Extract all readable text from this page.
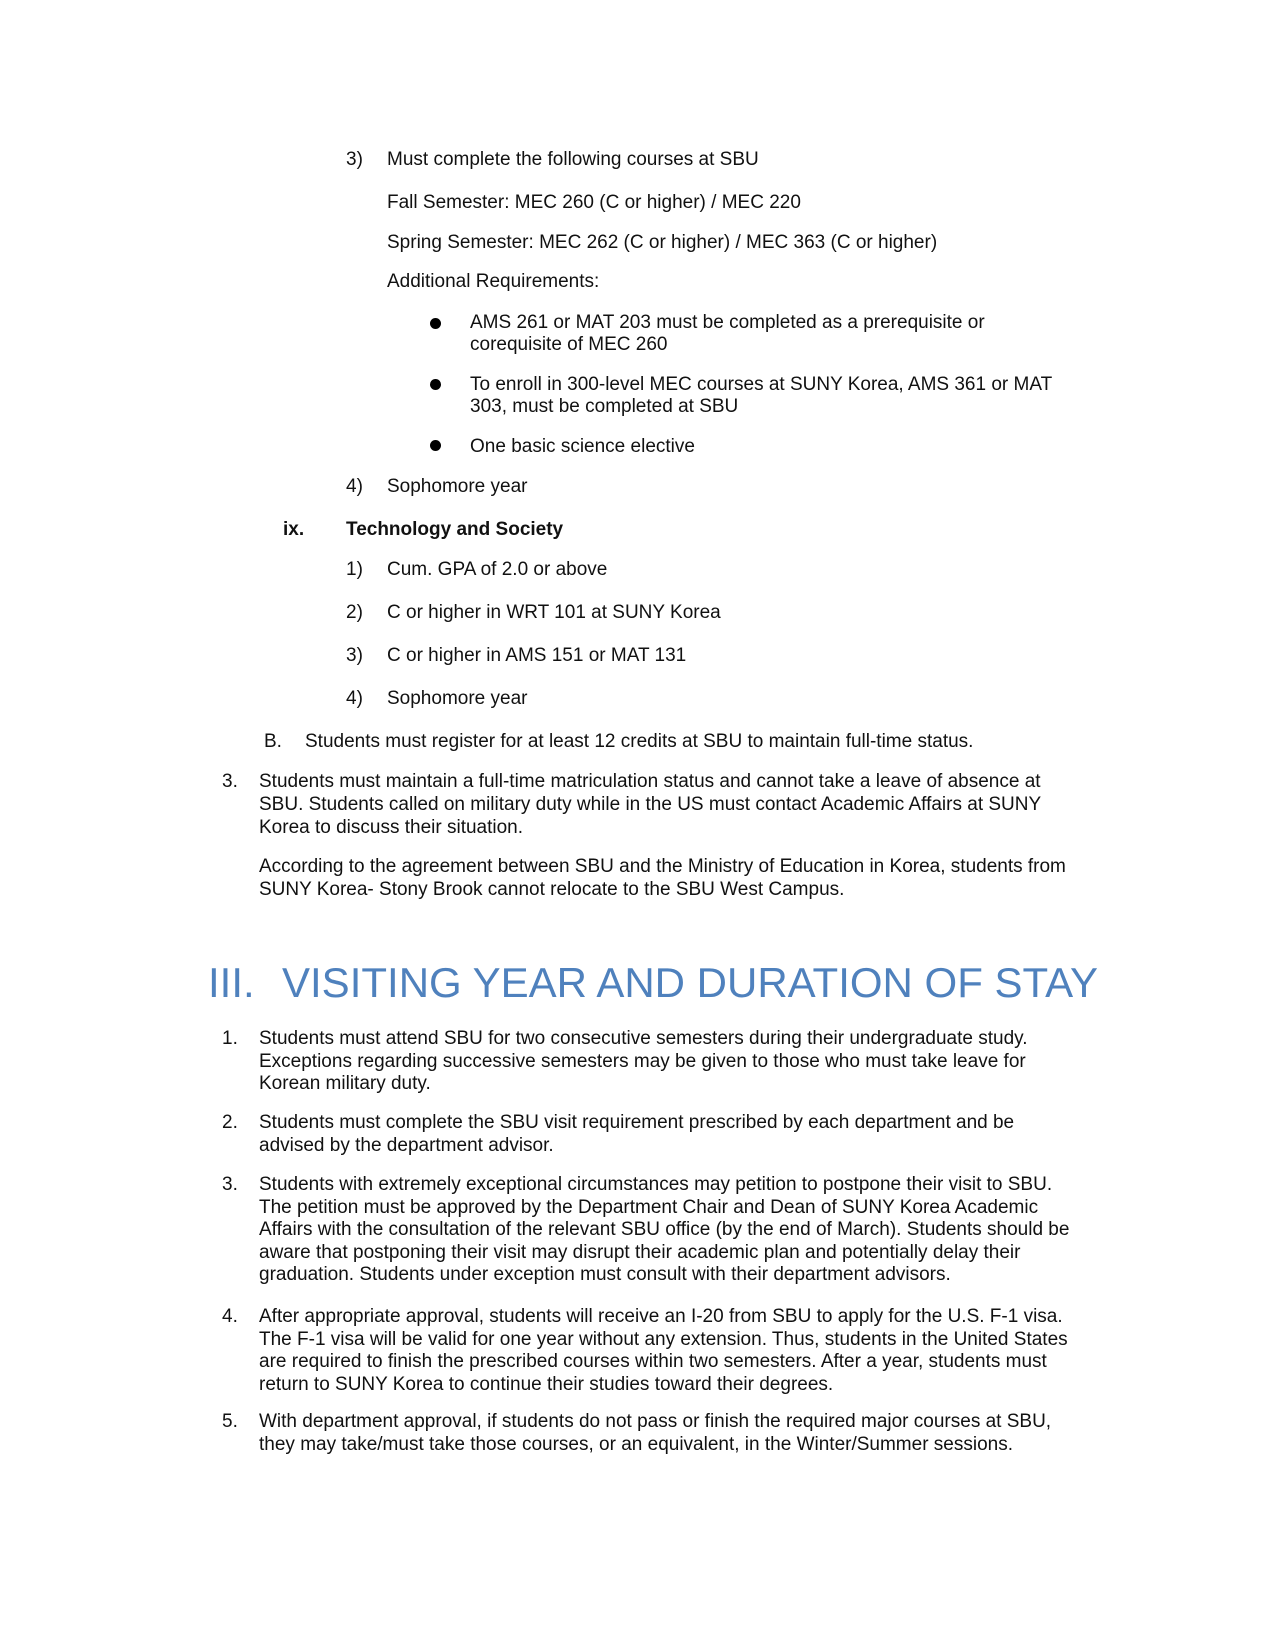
3) Must complete the following courses at SBU
Fall Semester: MEC 260 (C or higher) / MEC 220
Spring Semester: MEC 262 (C or higher) / MEC 363 (C or higher)
Additional Requirements:
AMS 261 or MAT 203 must be completed as a prerequisite or
corequisite of MEC 260
To enroll in 300-level MEC courses at SUNY Korea, AMS 361 or MAT
303, must be completed at SBU
One basic science elective
4) Sophomore year
ix. Technology and Society
1) Cum. GPA of 2.0 or above
2) C or higher in WRT 101 at SUNY Korea
3) C or higher in AMS 151 or MAT 131
4) Sophomore year
B. Students must register for at least 12 credits at SBU to maintain full-time status.
3. Students must maintain a full-time matriculation status and cannot take a leave of absence at
SBU. Students called on military duty while in the US must contact Academic Affairs at SUNY
Korea to discuss their situation.
According to the agreement between SBU and the Ministry of Education in Korea, students from
SUNY Korea- Stony Brook cannot relocate to the SBU West Campus.
III. VISITING YEAR AND DURATION OF STAY
1. Students must attend SBU for two consecutive semesters during their undergraduate study.
Exceptions regarding successive semesters may be given to those who must take leave for
Korean military duty.
2. Students must complete the SBU visit requirement prescribed by each department and be
advised by the department advisor.
3. Students with extremely exceptional circumstances may petition to postpone their visit to SBU.
The petition must be approved by the Department Chair and Dean of SUNY Korea Academic
Affairs with the consultation of the relevant SBU office (by the end of March). Students should be
aware that postponing their visit may disrupt their academic plan and potentially delay their
graduation. Students under exception must consult with their department advisors.
4. After appropriate approval, students will receive an I-20 from SBU to apply for the U.S. F-1 visa.
The F-1 visa will be valid for one year without any extension. Thus, students in the United States
are required to finish the prescribed courses within two semesters. After a year, students must
return to SUNY Korea to continue their studies toward their degrees.
5. With department approval, if students do not pass or finish the required major courses at SBU,
they may take/must take those courses, or an equivalent, in the Winter/Summer sessions.
